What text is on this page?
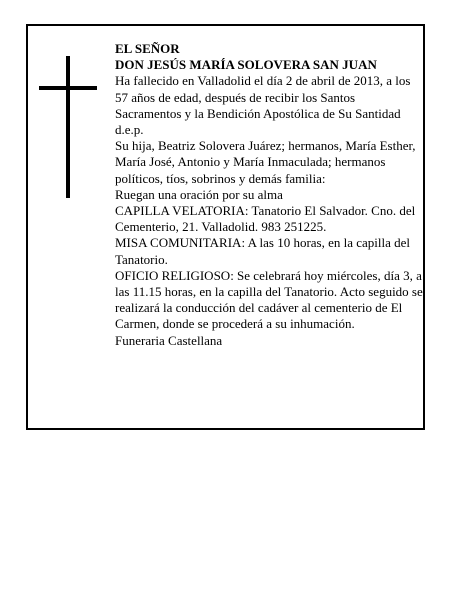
EL SEÑOR

DON JESÚS MARÍA SOLOVERA SAN JUAN

Ha fallecido en Valladolid el día 2 de abril de 2013, a los 57 años de edad, después de recibir los Santos Sacramentos y la Bendición Apostólica de Su Santidad

d.e.p.

Su hija, Beatriz Solovera Juárez; hermanos, María Esther, María José, Antonio y María Inmaculada; hermanos políticos, tíos, sobrinos y demás familia:

Ruegan una oración por su alma

CAPILLA VELATORIA: Tanatorio El Salvador. Cno. del Cementerio, 21. Valladolid. 983 251225.

MISA COMUNITARIA: A las 10 horas, en la capilla del Tanatorio.

OFICIO RELIGIOSO: Se celebrará hoy miércoles, día 3, a las 11.15 horas, en la capilla del Tanatorio. Acto seguido se realizará la conducción del cadáver al cementerio de El Carmen, donde se procederá a su inhumación.

Funeraria Castellana
